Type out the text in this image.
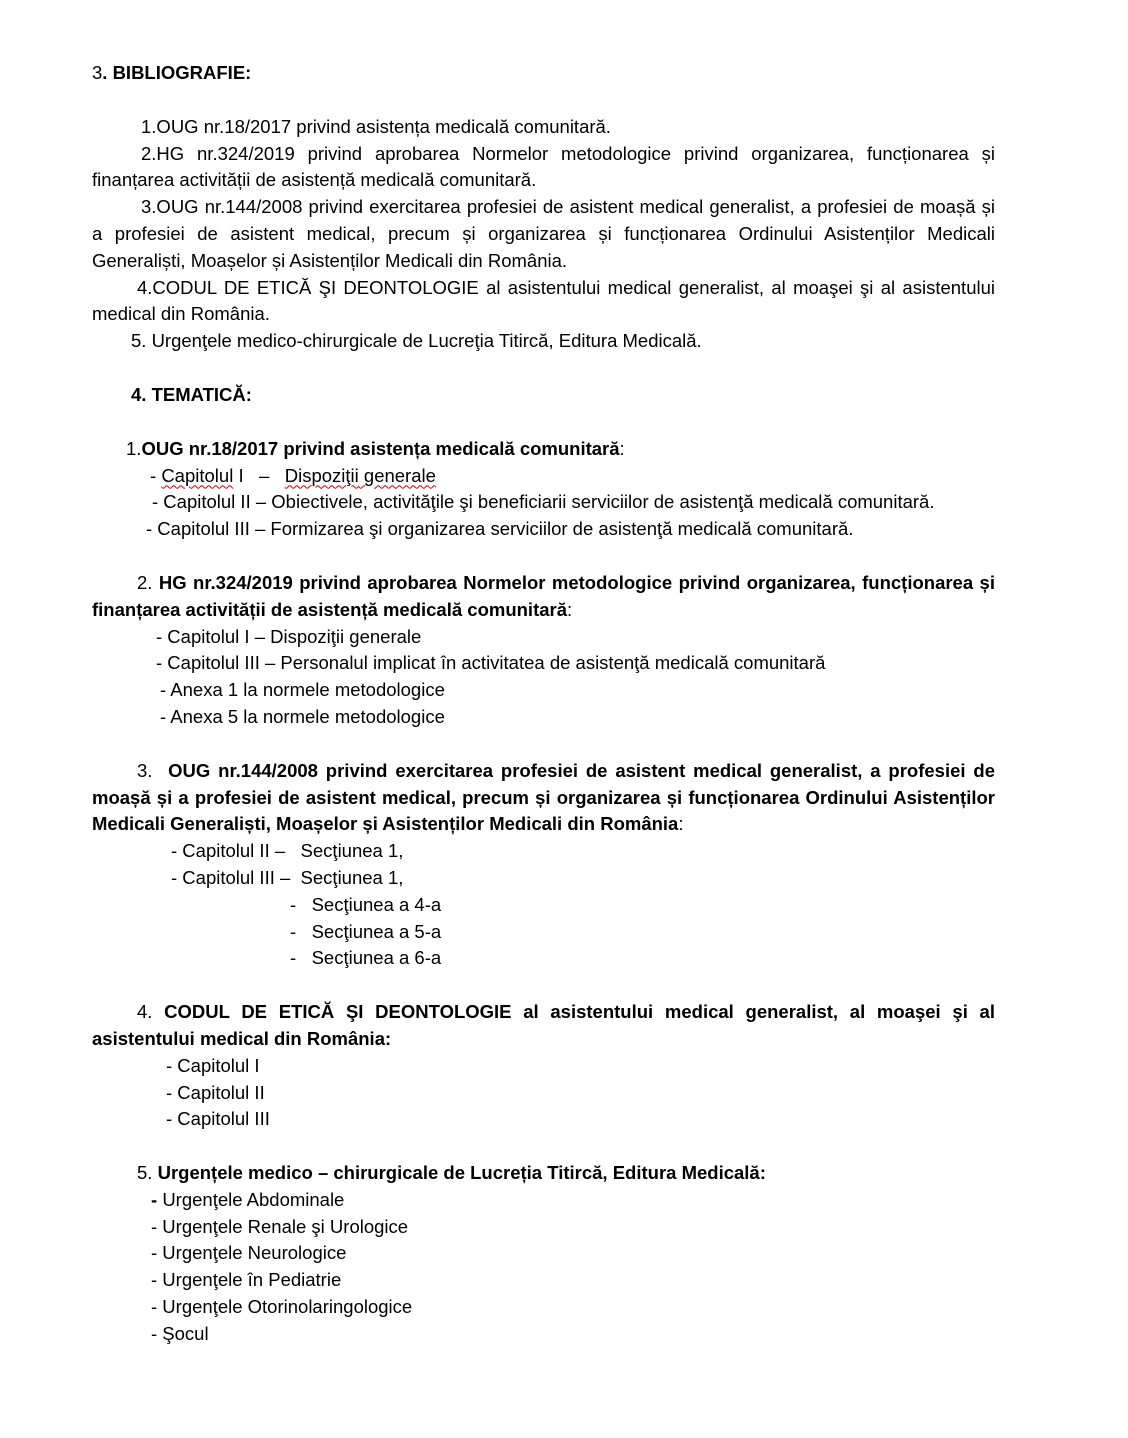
3. BIBLIOGRAFIE:

1.OUG nr.18/2017 privind asistența medicală comunitară.

2.HG nr.324/2019 privind aprobarea Normelor metodologice privind organizarea, funcționarea și finanțarea activității de asistență medicală comunitară.

3.OUG nr.144/2008 privind exercitarea profesiei de asistent medical generalist, a profesiei de moașă și a profesiei de asistent medical, precum și organizarea și funcționarea Ordinului Asistenților Medicali Generaliști, Moașelor și Asistenților Medicali din România.

4.CODUL DE ETICĂ ŞI DEONTOLOGIE al asistentului medical generalist, al moaşei şi al asistentului medical din România.

5. Urgenţele medico-chirurgicale de Lucreţia Titircă, Editura Medicală.

4. TEMATICĂ:

1.OUG nr.18/2017 privind asistența medicală comunitară:

- Capitolul I   –   Dispoziţii generale

- Capitolul II – Obiectivele, activităţile şi beneficiarii serviciilor de asistenţă medicală comunitară.

- Capitolul III – Formizarea şi organizarea serviciilor de asistenţă medicală comunitară.

2. HG nr.324/2019 privind aprobarea Normelor metodologice privind organizarea, funcționarea și finanțarea activității de asistență medicală comunitară:

- Capitolul I – Dispoziţii generale

- Capitolul III – Personalul implicat în activitatea de asistenţă medicală comunitară

- Anexa 1 la normele metodologice

- Anexa 5 la normele metodologice

3.  OUG nr.144/2008 privind exercitarea profesiei de asistent medical generalist, a profesiei de moașă și a profesiei de asistent medical, precum și organizarea și funcționarea Ordinului Asistenților Medicali Generaliști, Moașelor și Asistenților Medicali din România:

- Capitolul II –   Secţiunea 1,

- Capitolul III –  Secţiunea 1,

-   Secţiunea a 4-a

-   Secţiunea a 5-a

-   Secţiunea a 6-a

4. CODUL DE ETICĂ ŞI DEONTOLOGIE al asistentului medical generalist, al moaşei şi al asistentului medical din România:

- Capitolul I

- Capitolul II

- Capitolul III

5. Urgențele medico – chirurgicale de Lucreția Titircă, Editura Medicală:

- Urgenţele Abdominale

- Urgenţele Renale şi Urologice

- Urgenţele Neurologice

- Urgenţele în Pediatrie

- Urgenţele Otorinolaringologice

- Şocul
